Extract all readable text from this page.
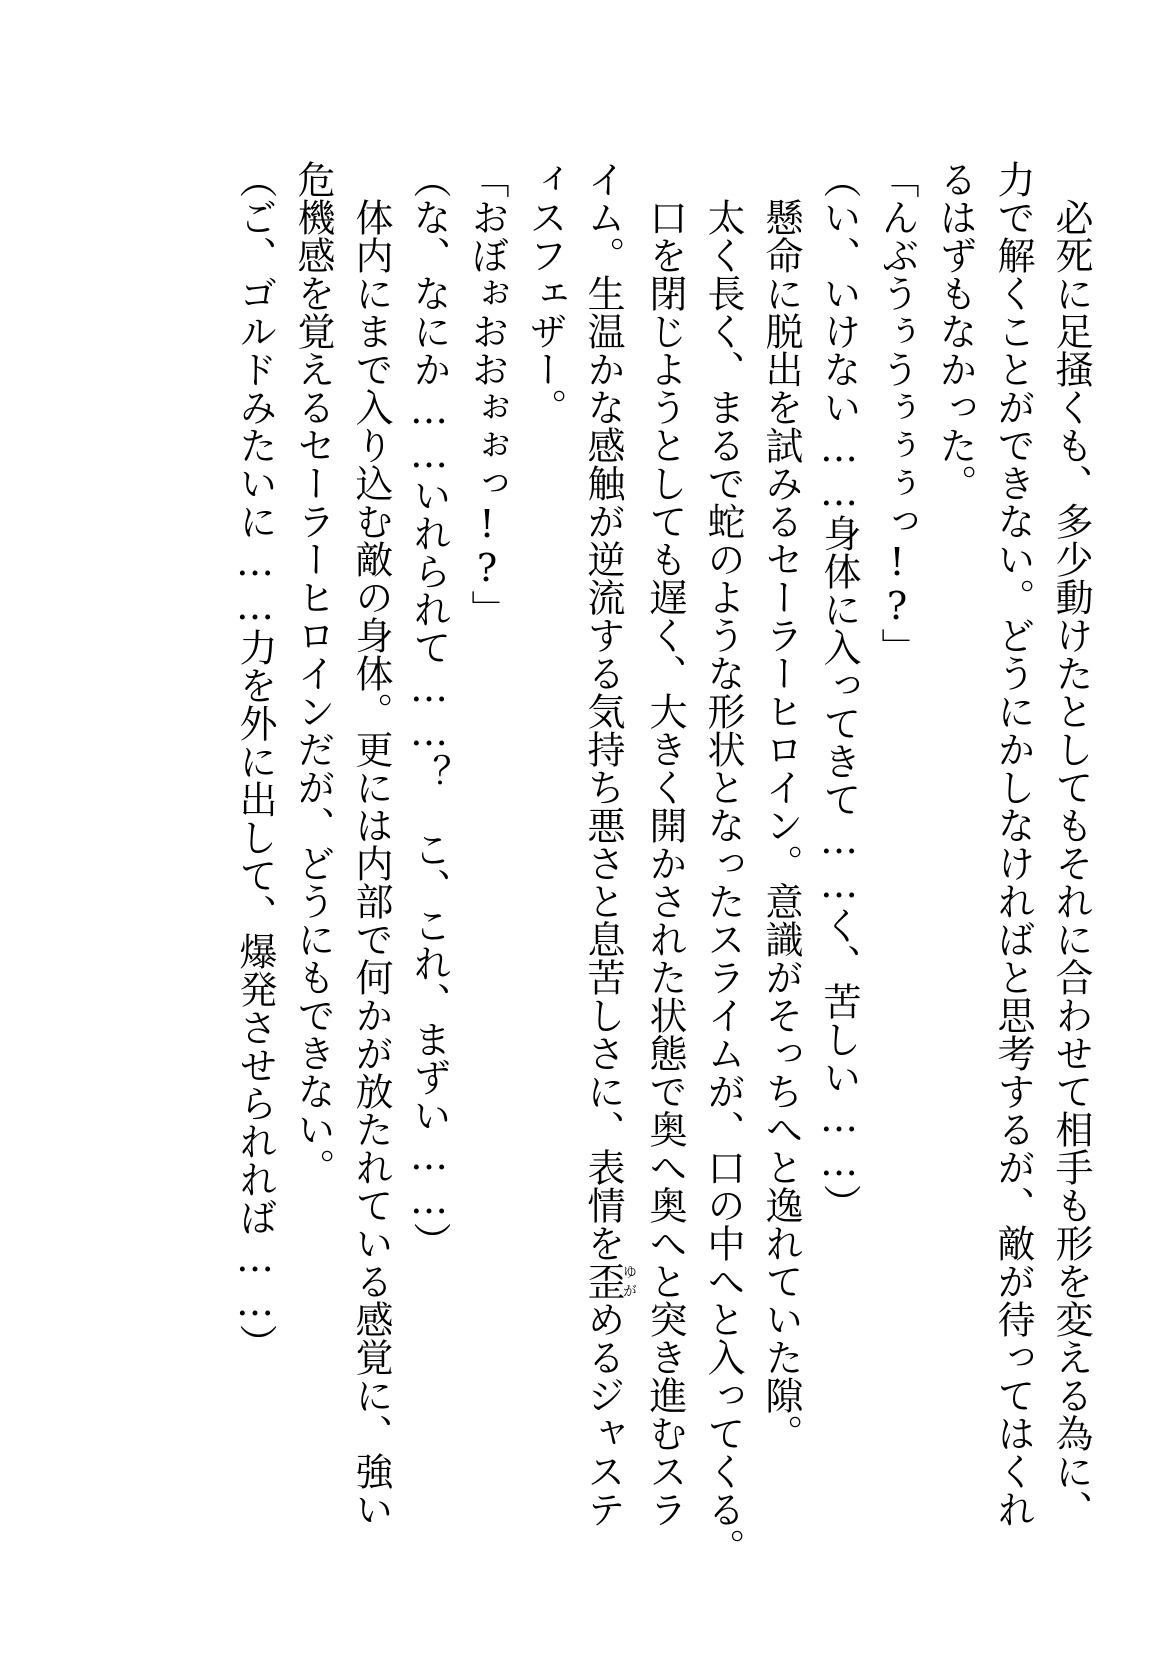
　必死に足掻くも、多少動けたとしてもそれに合わせて相手も形を変える為に、
力で解くことができない。どうにかしなければと思考するが、敵が待ってはくれ
るはずもなかった。
「んぶうぅうぅぅぅっ!?」
（い、いけない……身体に入ってきて……く、苦しい……）
　懸命に脱出を試みるセーラーヒロイン。意識がそっちへと逸れていた隙。
　太く長く、まるで蛇のような形状となったスライムが、口の中へと入ってくる。
　口を閉じようとしても遅く、大きく開かされた状態で奥へ奥へと突き進むスラ
イム。生温かな感触が逆流する気持ち悪さと息苦しさに、表情を歪ゆがめるジャステ
ィスフェザー。
「おぼぉおおぉぉっ!?」
（な、なにか……いれられて……？　こ、これ、まずい……）
　体内にまで入り込む敵の身体。更には内部で何かが放たれている感覚に、強い
危機感を覚えるセーラーヒロインだが、どうにもできない。
（ご、ゴルドみたいに……力を外に出して、爆発させられれば……）
